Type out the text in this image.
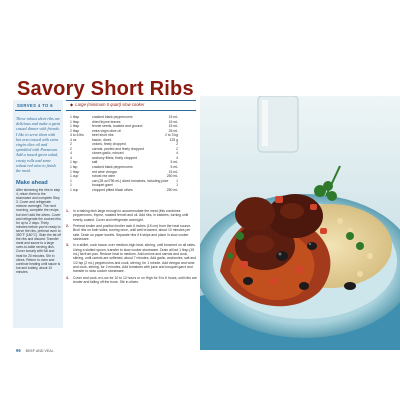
Savory Short Ribs
SERVES 4 TO 6
These robust short ribs are delicious and make a great casual dinner with friends. I like to serve them with hot orzo tossed with extra virgin olive oil and sprinkled with Parmesan. Add a tossed green salad, crusty rolls and some robust red wine to finish the meal.
Make ahead
After skimming the ribs in step 4, return them to the stoneware and complete Step 3. Cover and refrigerate mixture overnight. The next morning, complete the recipe, but don't add the olives. Cover and refrigerate the cooked ribs for up to 2 days. Thirty minutes before you're ready to serve the ribs, preheat oven to 350°F (180°C). Skim the fat off the ribs and discard. Transfer meat and sauce to a large oven-to-table serving dish. Cover loosely with foil and heat for 20 minutes. Stir in olives. Return to oven and continue heating until sauce is hot and bubbly, about 10 minutes.
◆ Large (minimum 5 quart) slow cooker
1 tbsp	cracked black peppercorns	15 mL
1 tbsp	dried thyme leaves	15 mL
1 tbsp	fennel seeds, toasted and ground	15 mL
2 tbsp	extra virgin olive oil	25 mL
4 to 6 lbs beef short ribs	2 to 3 kg
4 oz	bacon, diced	125 g
2	onions, finely chopped	2
2	carrots, peeled and finely chopped	2
4	cloves garlic, minced	4
4	anchovy fillets, finely chopped	4
1 tsp	salt	5 mL
1 tsp	cracked black peppercorns	5 mL
1 tbsp	red wine vinegar	15 mL
1 cup	robust red wine	250 mL
1	can (28 oz/796 mL) diced tomatoes, including juice 1
1	bouquet garni	1
1 cup	chopped pitted black olives	250 mL
1. In a baking dish large enough to accommodate the meat (this combines peppercorns, thyme, roasted fennel and oil. Add ribs, in batches, turning until evenly coated. Cover and refrigerate overnight.
2. Preheat broiler and position broiler rack 6 inches (15 cm) from the heat source. Broil ribs on both sides, turning once, until well browned, about 10 minutes per side. Drain on paper towels. Separate ribs if it strips and place in slow cooker stoneware.
3. In a skillet, cook bacon over medium-high heat, stirring, until browned on all sides. Using a slotted spoon, transfer to slow cooker stoneware. Drain all but 1 tbsp (15 mL) fat from pan. Reduce heat to medium. Add onions and carrots and cook, stirring, until carrots are softened, about 7 minutes. Add garlic, anchovies, salt and 1/2 tsp (2 mL) peppercorns and cook, stirring, for 1 minute. Add vinegar and wine and cook, stirring, for 2 minutes. Add tomatoes with juice and bouquet garni and transfer to slow cooker stoneware.
4. Cover and cook on Low for 10 to 12 hours or on High for 5 to 6 hours, until ribs are tender and falling off the bone. Stir in olives.
96 BEEF AND VEAL
